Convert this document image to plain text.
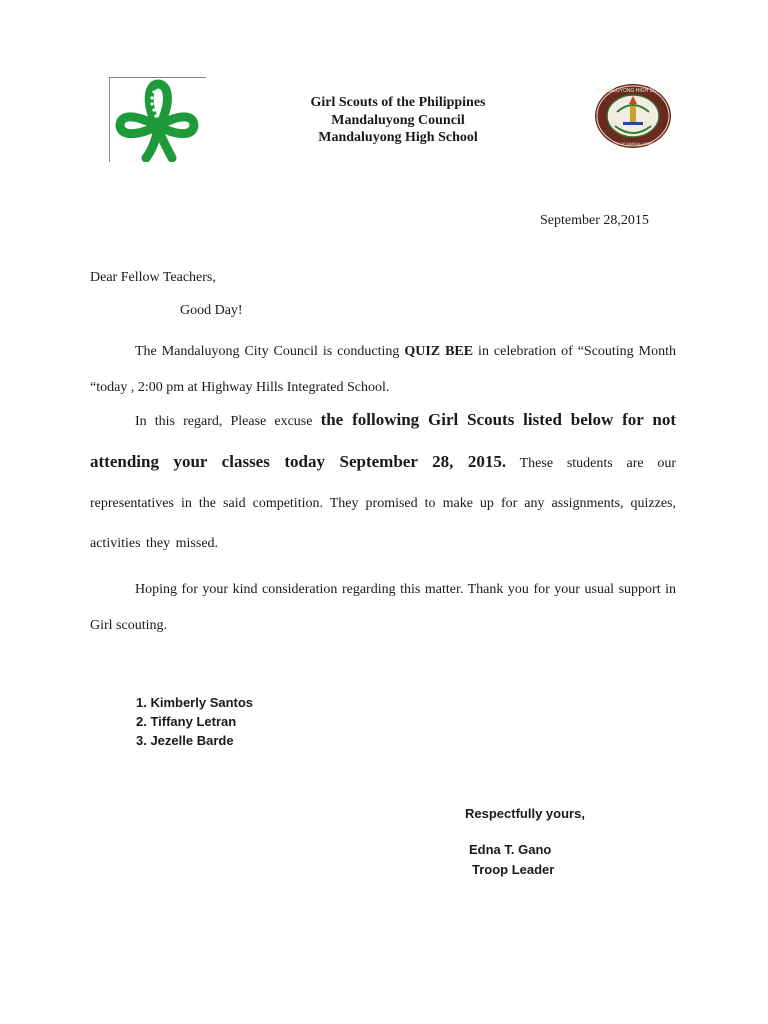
MANDALUYONG HIGH SCHOOL
CITY OF MANDALUYONG
Girl Scouts of the Philippines
Mandaluyong Council
Mandaluyong High School
September 28,2015
Dear Fellow Teachers,
Good Day!
The Mandaluyong City Council is conducting QUIZ BEE in celebration of “Scouting Month “today , 2:00 pm at Highway Hills Integrated School.
In this regard, Please excuse the following Girl Scouts listed below for not attending your classes today September 28, 2015. These students are our representatives in the said competition. They promised to make up for any assignments, quizzes, activities they missed.
Hoping for your kind consideration regarding this matter. Thank you for your usual support in Girl scouting.
1. Kimberly Santos
2. Tiffany Letran
3. Jezelle Barde
Respectfully yours,
Edna T. Gano
Troop Leader
